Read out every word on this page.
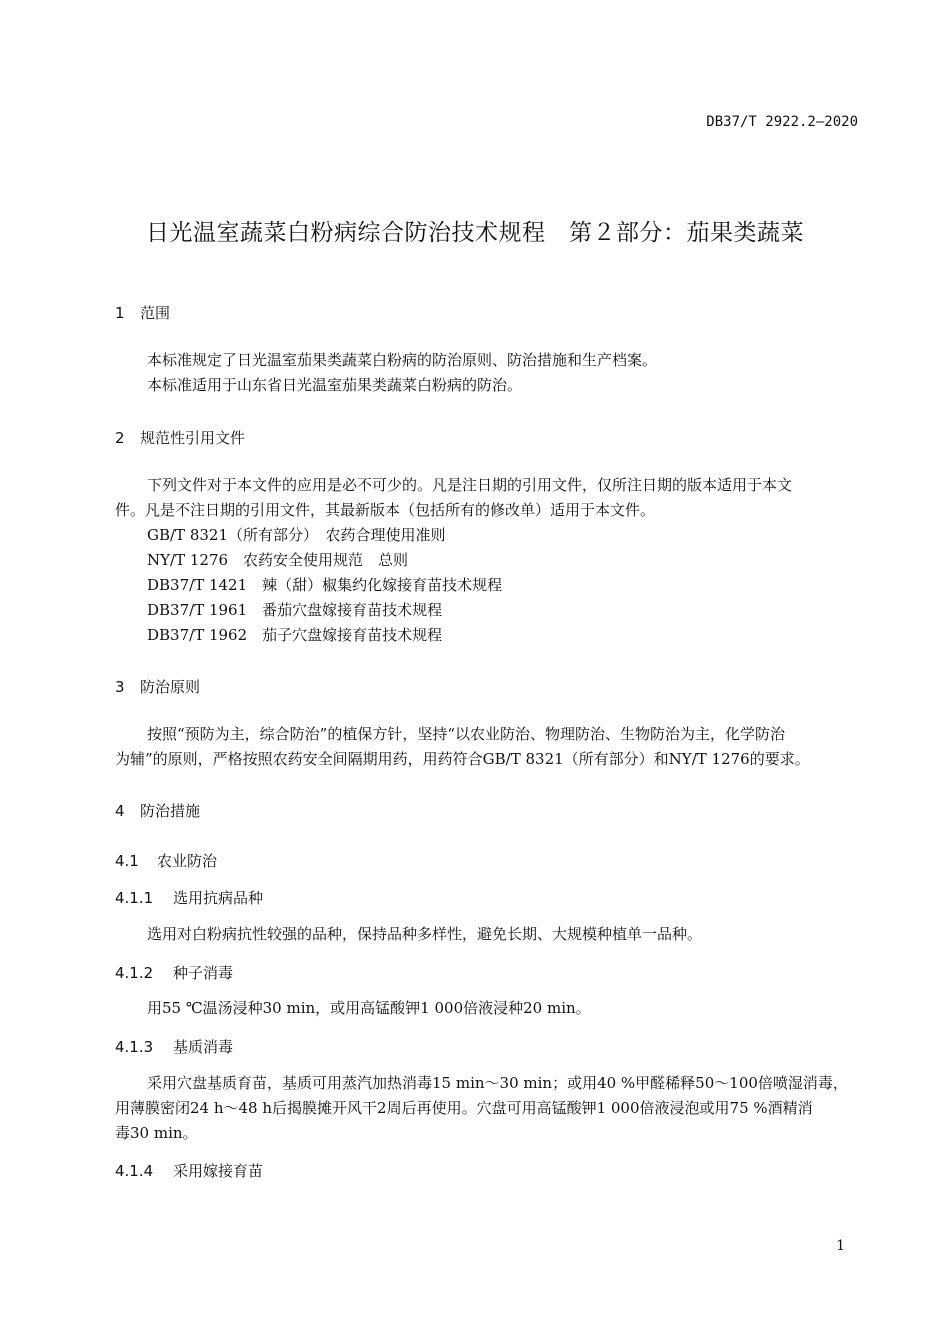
DB37/T 2922.2—2020
日光温室蔬菜白粉病综合防治技术规程　第２部分：茄果类蔬菜
1 范围
本标准规定了日光温室茄果类蔬菜白粉病的防治原则、防治措施和生产档案。
本标准适用于山东省日光温室茄果类蔬菜白粉病的防治。
2 规范性引用文件
下列文件对于本文件的应用是必不可少的。凡是注日期的引用文件，仅所注日期的版本适用于本文
件。凡是不注日期的引用文件，其最新版本（包括所有的修改单）适用于本文件。
GB/T 8321（所有部分）　农药合理使用准则
NY/T 1276　农药安全使用规范　总则
DB37/T 1421　辣（甜）椒集约化嫁接育苗技术规程
DB37/T 1961　番茄穴盘嫁接育苗技术规程
DB37/T 1962　茄子穴盘嫁接育苗技术规程
3 防治原则
按照“预防为主，综合防治”的植保方针，坚持“以农业防治、物理防治、生物防治为主，化学防治
为辅”的原则，严格按照农药安全间隔期用药，用药符合GB/T 8321（所有部分）和NY/T 1276的要求。
4 防治措施
4.1 农业防治
4.1.1 选用抗病品种
选用对白粉病抗性较强的品种，保持品种多样性，避免长期、大规模种植单一品种。
4.1.2 种子消毒
用55 ℃温汤浸种30 min，或用高锰酸钾1 000倍液浸种20 min。
4.1.3 基质消毒
采用穴盘基质育苗，基质可用蒸汽加热消毒15 min～30 min；或用40 %甲醛稀释50～100倍喷湿消毒，
用薄膜密闭24 h～48 h后揭膜摊开风干2周后再使用。穴盘可用高锰酸钾1 000倍液浸泡或用75 %酒精消
毒30 min。
4.1.4 采用嫁接育苗
1
